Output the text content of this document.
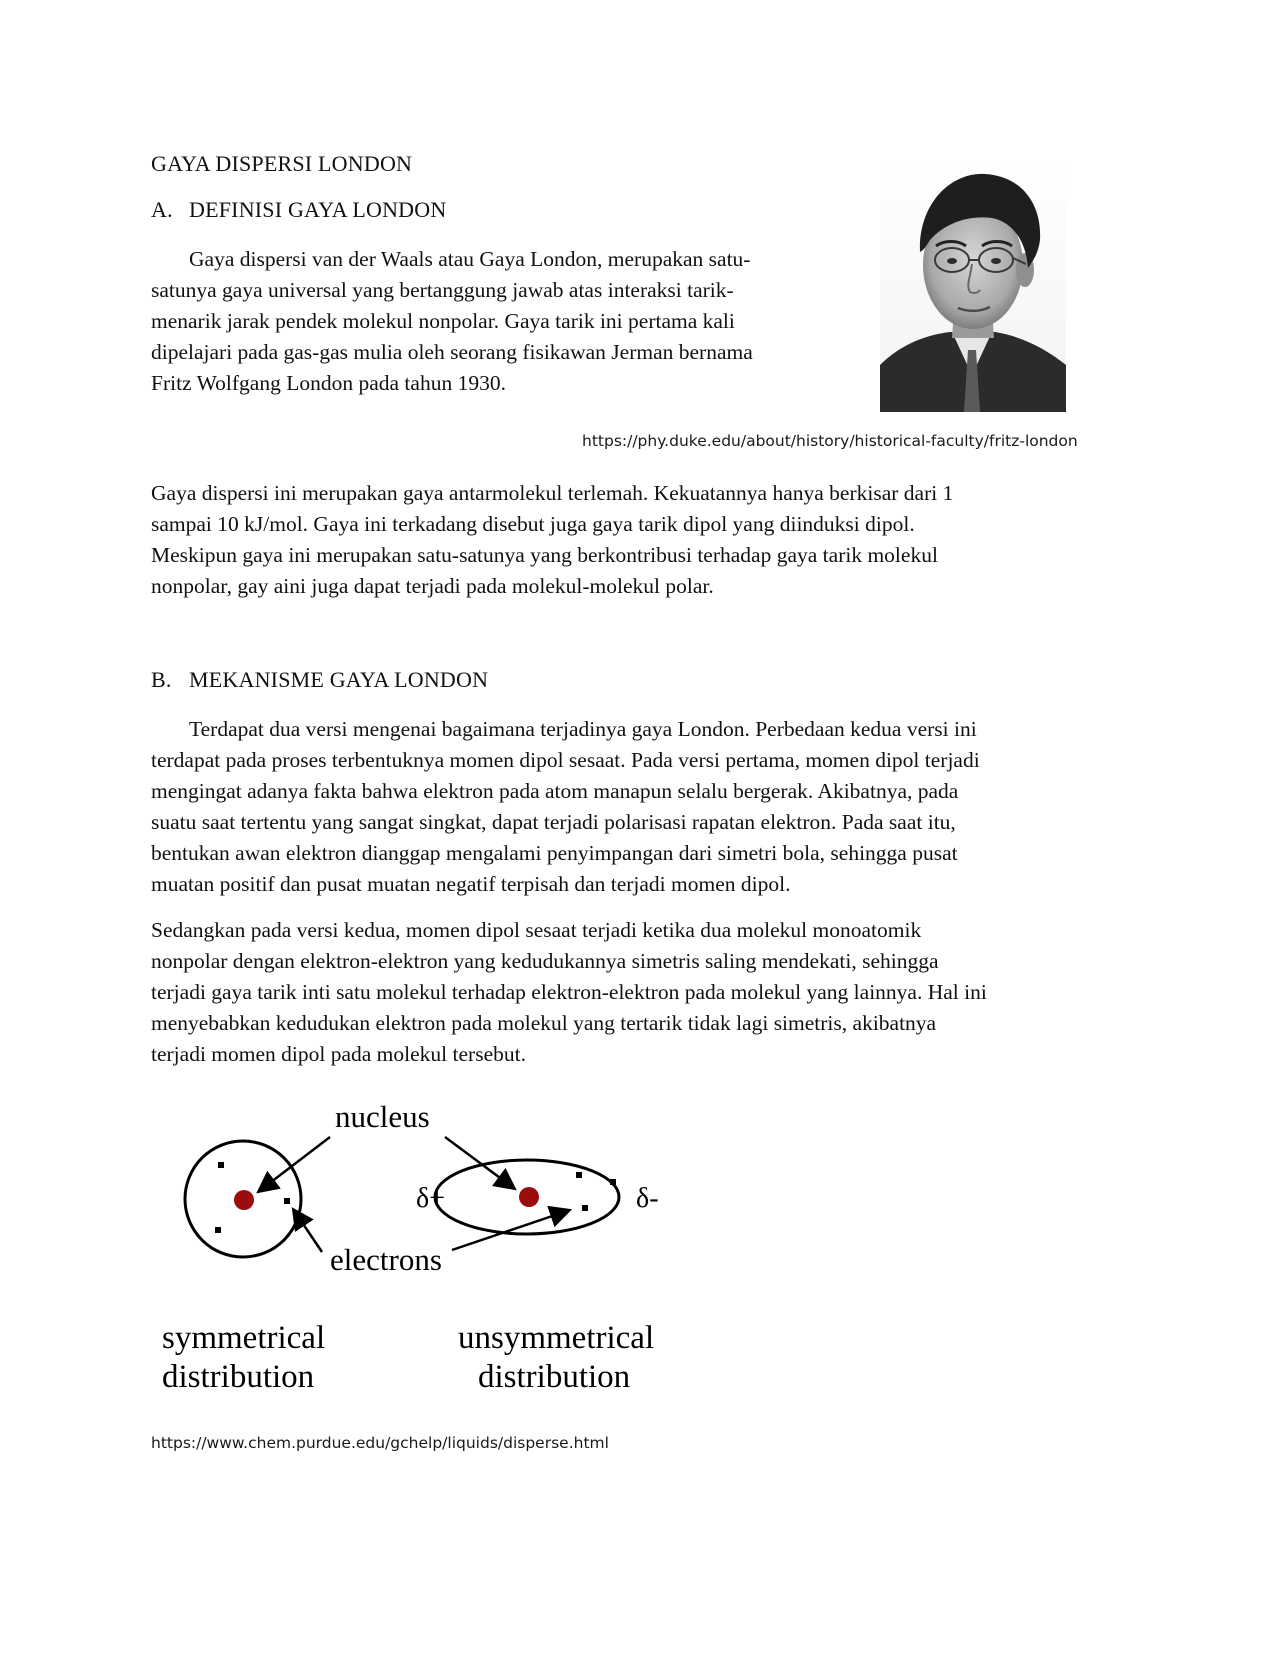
GAYA DISPERSI LONDON
A. DEFINISI GAYA LONDON

Gaya dispersi van der Waals atau Gaya London, merupakan satu-
satunya gaya universal yang bertanggung jawab atas interaksi tarik-
menarik jarak pendek molekul nonpolar. Gaya tarik ini pertama kali
dipelajari pada gas-gas mulia oleh seorang fisikawan Jerman bernama
Fritz Wolfgang London pada tahun 1930.

https://phy.duke.edu/about/history/historical-faculty/fritz-london

Gaya dispersi ini merupakan gaya antarmolekul terlemah. Kekuatannya hanya berkisar dari 1
sampai 10 kJ/mol. Gaya ini terkadang disebut juga gaya tarik dipol yang diinduksi dipol.
Meskipun gaya ini merupakan satu-satunya yang berkontribusi terhadap gaya tarik molekul
nonpolar, gay aini juga dapat terjadi pada molekul-molekul polar.

B. MEKANISME GAYA LONDON

Terdapat dua versi mengenai bagaimana terjadinya gaya London. Perbedaan kedua versi ini
terdapat pada proses terbentuknya momen dipol sesaat. Pada versi pertama, momen dipol terjadi
mengingat adanya fakta bahwa elektron pada atom manapun selalu bergerak. Akibatnya, pada
suatu saat tertentu yang sangat singkat, dapat terjadi polarisasi rapatan elektron. Pada saat itu,
bentukan awan elektron dianggap mengalami penyimpangan dari simetri bola, sehingga pusat
muatan positif dan pusat muatan negatif terpisah dan terjadi momen dipol.

Sedangkan pada versi kedua, momen dipol sesaat terjadi ketika dua molekul monoatomik
nonpolar dengan elektron-elektron yang kedudukannya simetris saling mendekati, sehingga
terjadi gaya tarik inti satu molekul terhadap elektron-elektron pada molekul yang lainnya. Hal ini
menyebabkan kedudukan elektron pada molekul yang tertarik tidak lagi simetris, akibatnya
terjadi momen dipol pada molekul tersebut.

nucleus
electrons
δ+	δ-
symmetrical
distribution
unsymmetrical
distribution
https://www.chem.purdue.edu/gchelp/liquids/disperse.html
